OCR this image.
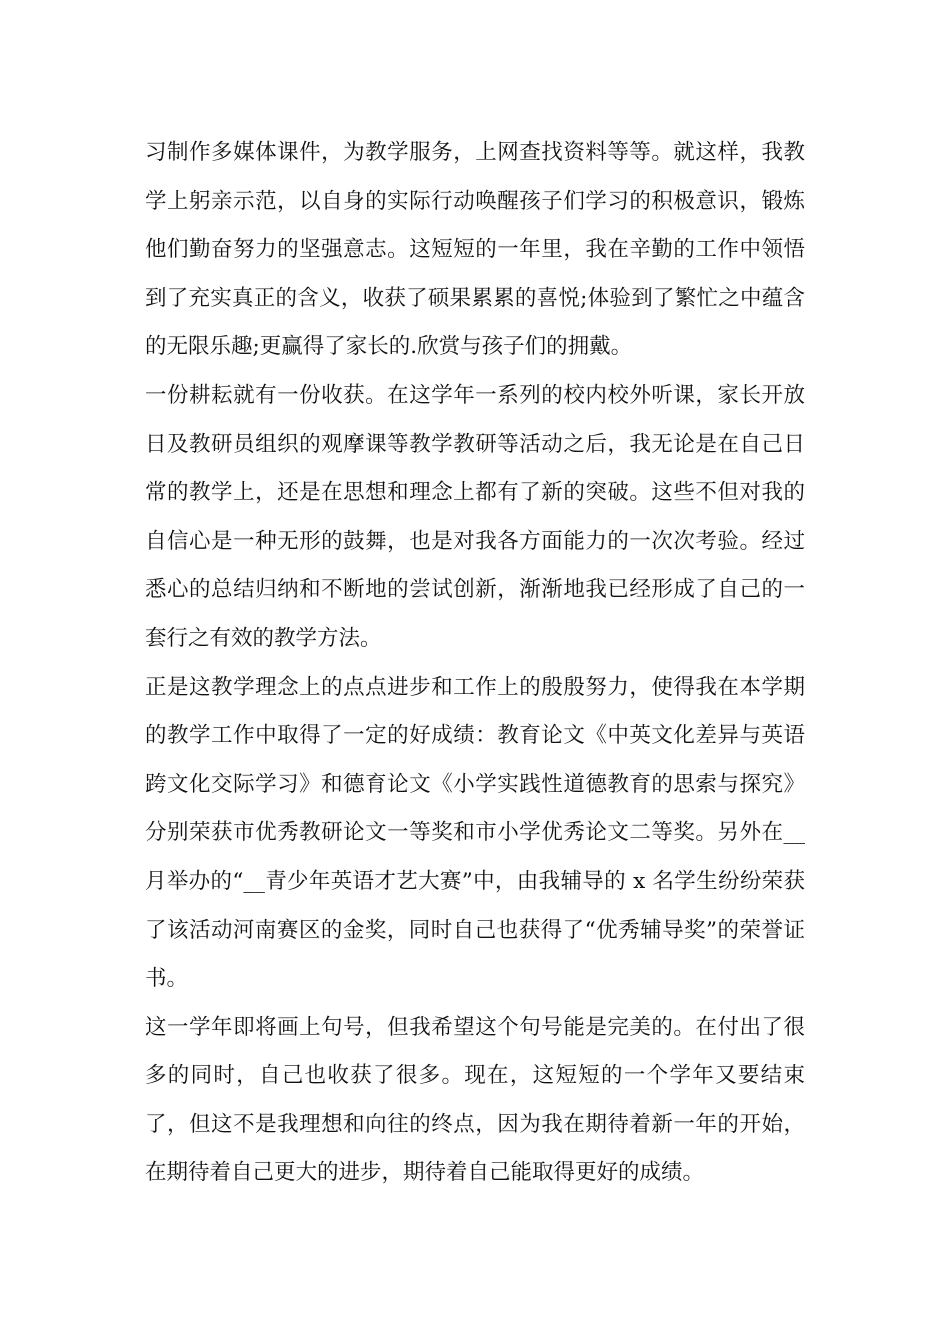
习制作多媒体课件，为教学服务，上网查找资料等等。就这样，我教学上躬亲示范，以自身的实际行动唤醒孩子们学习的积极意识，锻炼他们勤奋努力的坚强意志。这短短的一年里，我在辛勤的工作中领悟到了充实真正的含义，收获了硕果累累的喜悦;体验到了繁忙之中蕴含的无限乐趣;更赢得了家长的.欣赏与孩子们的拥戴。

一份耕耘就有一份收获。在这学年一系列的校内校外听课，家长开放日及教研员组织的观摩课等教学教研等活动之后，我无论是在自己日常的教学上，还是在思想和理念上都有了新的突破。这些不但对我的自信心是一种无形的鼓舞，也是对我各方面能力的一次次考验。经过悉心的总结归纳和不断地的尝试创新，渐渐地我已经形成了自己的一套行之有效的教学方法。

正是这教学理念上的点点进步和工作上的殷殷努力，使得我在本学期的教学工作中取得了一定的好成绩：教育论文《中英文化差异与英语跨文化交际学习》和德育论文《小学实践性道德教育的思索与探究》分别荣获市优秀教研论文一等奖和市小学优秀论文二等奖。另外在__月举办的“__青少年英语才艺大赛”中，由我辅导的 x 名学生纷纷荣获了该活动河南赛区的金奖，同时自己也获得了“优秀辅导奖”的荣誉证书。

这一学年即将画上句号，但我希望这个句号能是完美的。在付出了很多的同时，自己也收获了很多。现在，这短短的一个学年又要结束了，但这不是我理想和向往的终点，因为我在期待着新一年的开始，在期待着自己更大的进步，期待着自己能取得更好的成绩。
